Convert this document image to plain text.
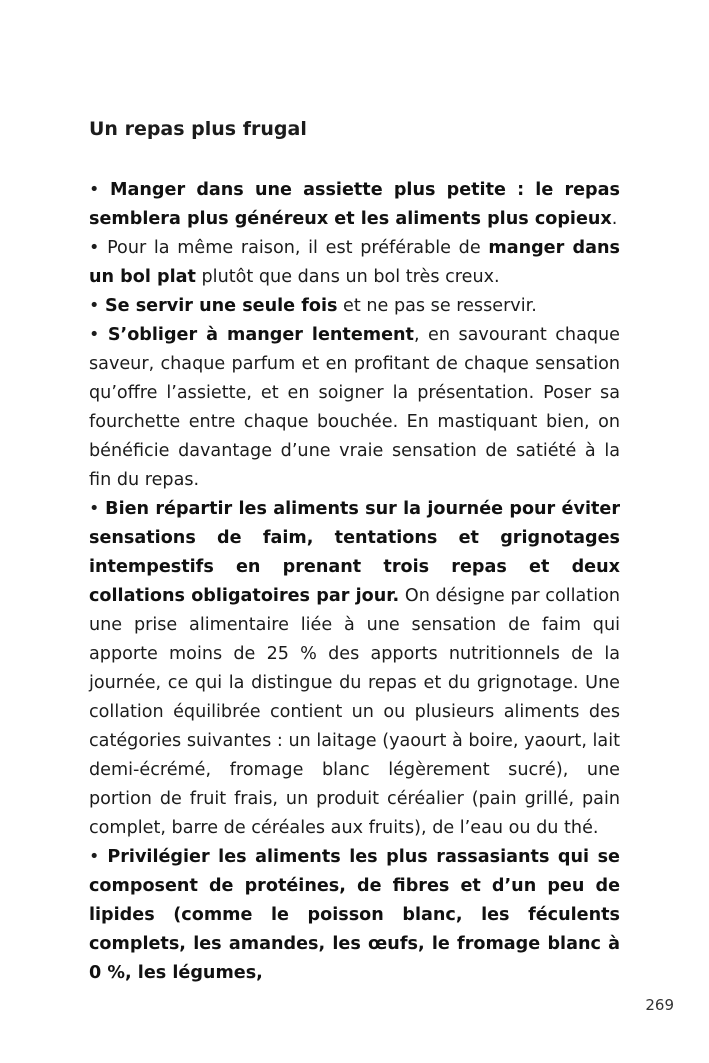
Un repas plus frugal

• Manger dans une assiette plus petite : le repas semblera plus généreux et les aliments plus copieux.

• Pour la même raison, il est préférable de manger dans un bol plat plutôt que dans un bol très creux.

• Se servir une seule fois et ne pas se resservir.

• S’obliger à manger lentement, en savourant chaque saveur, chaque parfum et en profitant de chaque sensation qu’offre l’assiette, et en soigner la présentation. Poser sa fourchette entre chaque bouchée. En mastiquant bien, on bénéficie davantage d’une vraie sensation de satiété à la fin du repas.

• Bien répartir les aliments sur la journée pour éviter sensations de faim, tentations et grignotages intempestifs en prenant trois repas et deux collations obligatoires par jour. On désigne par collation une prise alimentaire liée à une sensation de faim qui apporte moins de 25 % des apports nutritionnels de la journée, ce qui la distingue du repas et du grignotage. Une collation équilibrée contient un ou plusieurs aliments des catégories suivantes : un laitage (yaourt à boire, yaourt, lait demi-écrémé, fromage blanc légèrement sucré), une portion de fruit frais, un produit céréalier (pain grillé, pain complet, barre de céréales aux fruits), de l’eau ou du thé.

• Privilégier les aliments les plus rassasiants qui se composent de protéines, de fibres et d’un peu de lipides (comme le poisson blanc, les féculents complets, les amandes, les œufs, le fromage blanc à 0 %, les légumes,

269
